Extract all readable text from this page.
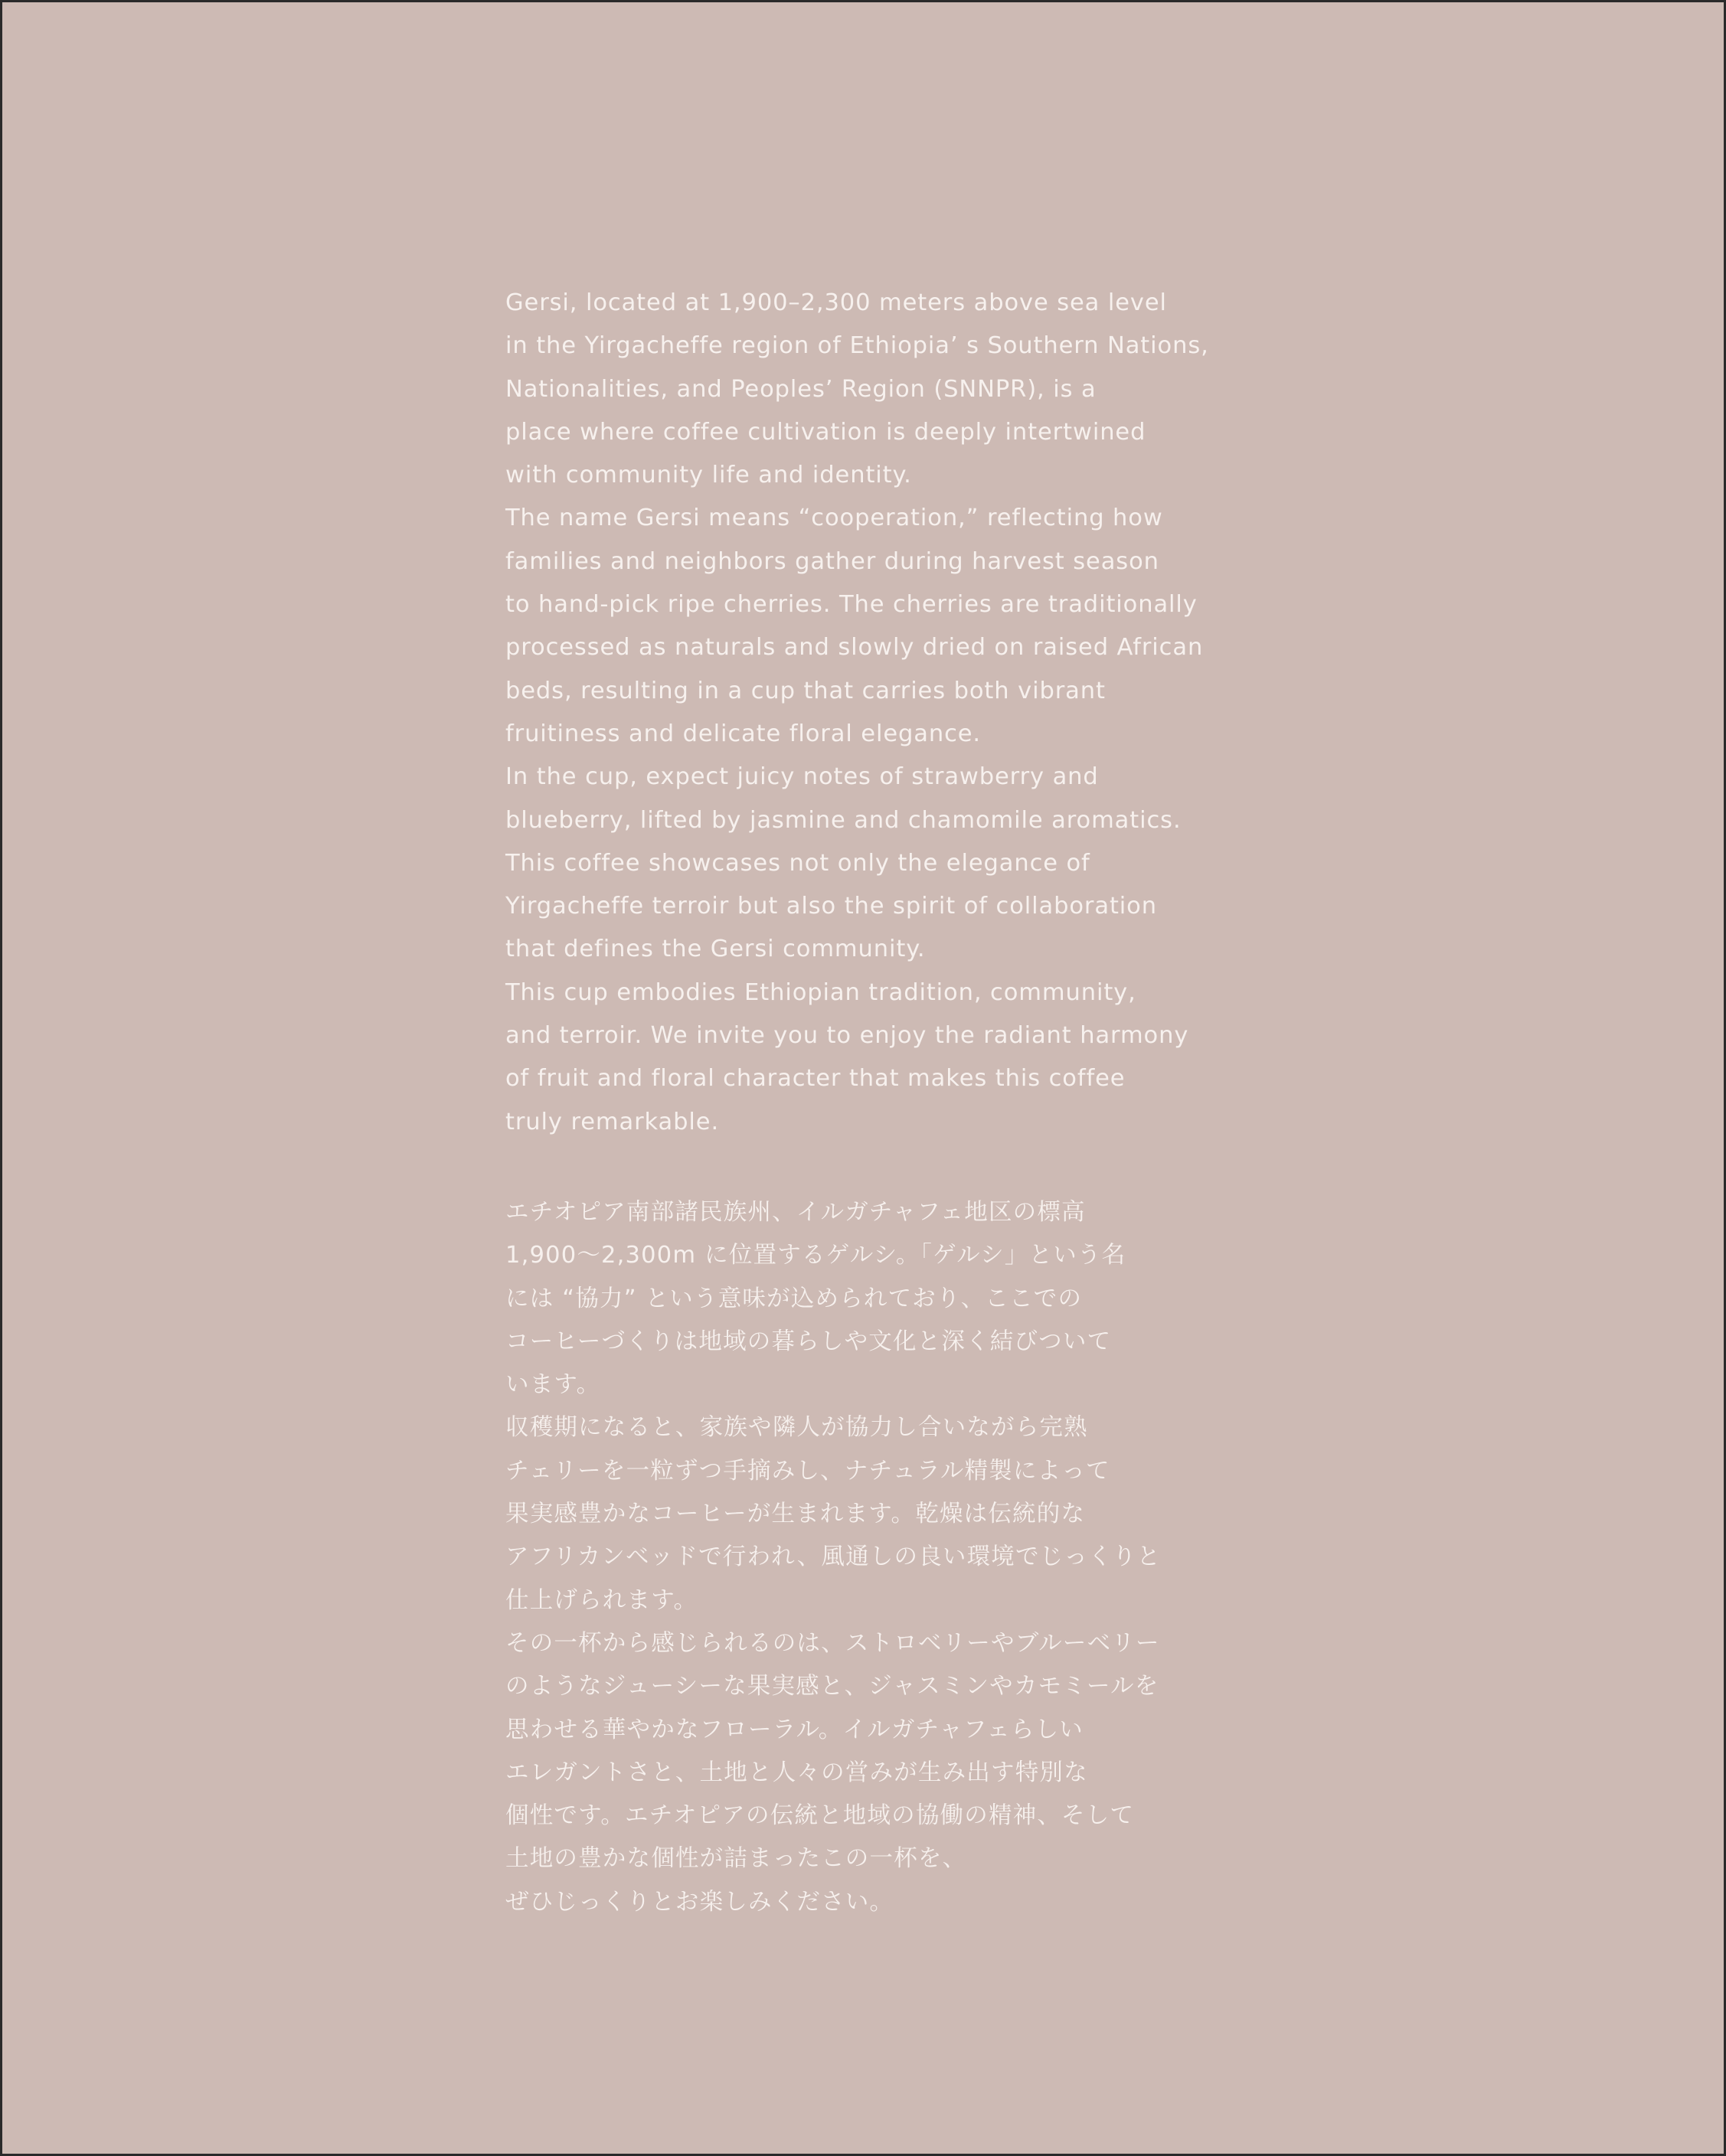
Gersi, located at 1,900–2,300 meters above sea level
in the Yirgacheffe region of Ethiopia’ s Southern Nations,
Nationalities, and Peoples’ Region (SNNPR), is a
place where coffee cultivation is deeply intertwined
with community life and identity.

The name Gersi means “cooperation,” reflecting how
families and neighbors gather during harvest season
to hand-pick ripe cherries. The cherries are traditionally
processed as naturals and slowly dried on raised African
beds, resulting in a cup that carries both vibrant
fruitiness and delicate floral elegance.

In the cup, expect juicy notes of strawberry and
blueberry, lifted by jasmine and chamomile aromatics.
This coffee showcases not only the elegance of
Yirgacheffe terroir but also the spirit of collaboration
that defines the Gersi community.

This cup embodies Ethiopian tradition, community,
and terroir. We invite you to enjoy the radiant harmony
of fruit and floral character that makes this coffee
truly remarkable.

エチオピア南部諸民族州、イルガチャフェ地区の標高
1,900〜2,300m に位置するゲルシ。「ゲルシ」という名
には “協力” という意味が込められており、ここでの
コーヒーづくりは地域の暮らしや文化と深く結びついて
います。

収穫期になると、家族や隣人が協力し合いながら完熟
チェリーを一粒ずつ手摘みし、ナチュラル精製によって
果実感豊かなコーヒーが生まれます。乾燥は伝統的な
アフリカンベッドで行われ、風通しの良い環境でじっくりと
仕上げられます。

その一杯から感じられるのは、ストロベリーやブルーベリー
のようなジューシーな果実感と、ジャスミンやカモミールを
思わせる華やかなフローラル。イルガチャフェらしい
エレガントさと、土地と人々の営みが生み出す特別な
個性です。エチオピアの伝統と地域の協働の精神、そして
土地の豊かな個性が詰まったこの一杯を、
ぜひじっくりとお楽しみください。
